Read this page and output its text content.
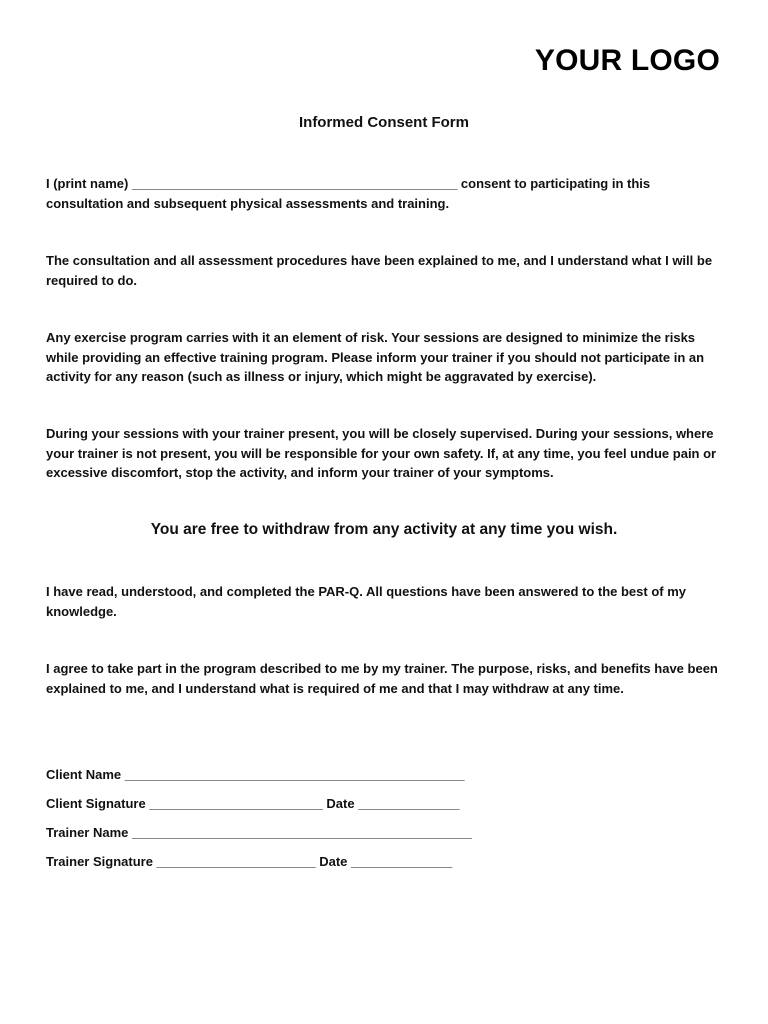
YOUR LOGO
Informed Consent Form

I (print name) _____________________________________________ consent to participating in this consultation and subsequent physical assessments and training.

The consultation and all assessment procedures have been explained to me, and I understand what I will be required to do.

Any exercise program carries with it an element of risk. Your sessions are designed to minimize the risks while providing an effective training program. Please inform your trainer if you should not participate in an activity for any reason (such as illness or injury, which might be aggravated by exercise).

During your sessions with your trainer present, you will be closely supervised. During your sessions, where your trainer is not present, you will be responsible for your own safety. If, at any time, you feel undue pain or excessive discomfort, stop the activity, and inform your trainer of your symptoms.

You are free to withdraw from any activity at any time you wish.

I have read, understood, and completed the PAR-Q. All questions have been answered to the best of my knowledge.

I agree to take part in the program described to me by my trainer. The purpose, risks, and benefits have been explained to me, and I understand what is required of me and that I may withdraw at any time.

Client Name _______________________________________________

Client Signature ________________________ Date ______________

Trainer Name _______________________________________________

Trainer Signature ______________________ Date ______________
